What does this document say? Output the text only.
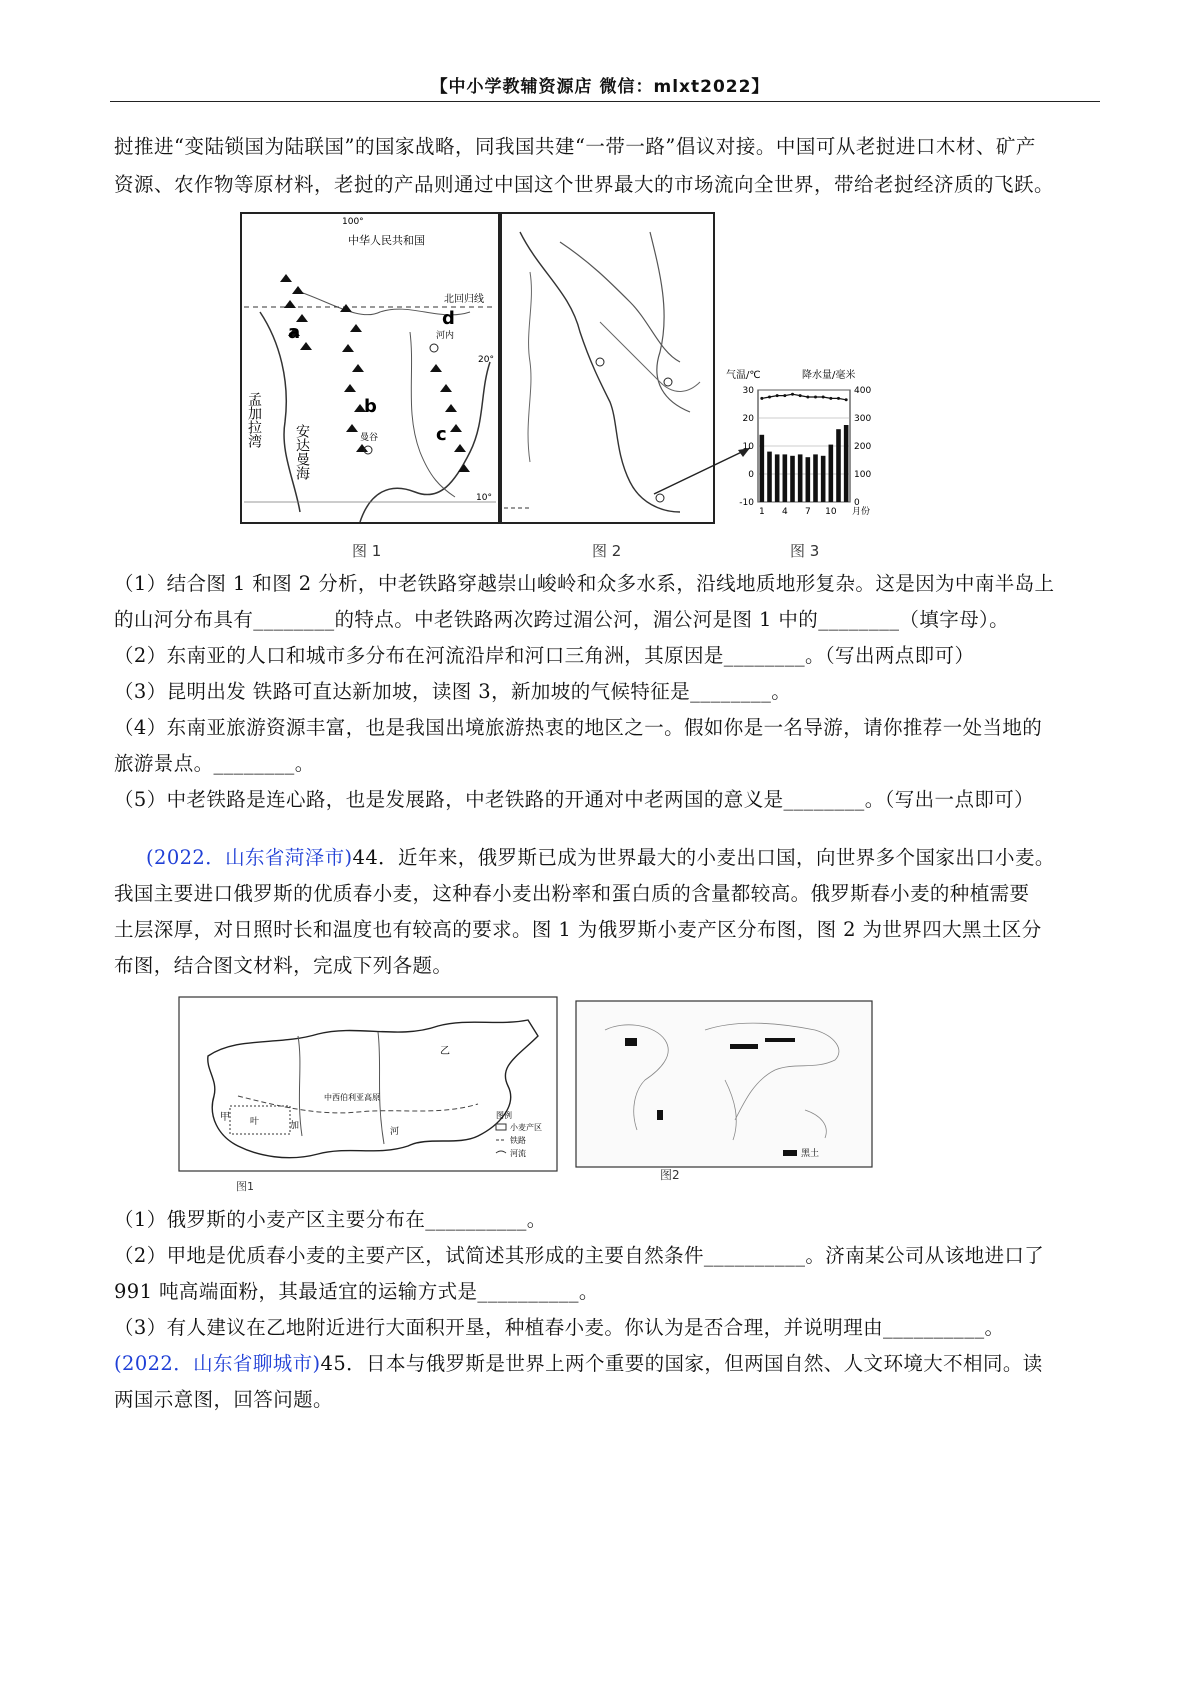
【中小学教辅资源店 微信：mlxt2022】
挝推进“变陆锁国为陆联国”的国家战略，同我国共建“一带一路”倡议对接。中国可从老挝进口木材、矿产
资源、农作物等原材料，老挝的产品则通过中国这个世界最大的市场流向全世界，带给老挝经济质的飞跃。
中华人民共和国
100°
北回归线
河内
20°
10°
曼谷
a
b
c
d
孟加拉湾
安达曼海
图 1	图 2
气温/℃	降水量/毫米
30
20
10
0
-10
400
300
200
100
0
1 4 7 10 月份
图 3
（1）结合图 1 和图 2 分析，中老铁路穿越崇山峻岭和众多水系，沿线地质地形复杂。这是因为中南半岛上
的山河分布具有________的特点。中老铁路两次跨过湄公河，湄公河是图 1 中的________（填字母）。
（2）东南亚的人口和城市多分布在河流沿岸和河口三角洲，其原因是________。（写出两点即可）
（3）昆明出发 铁路可直达新加坡，读图 3，新加坡的气候特征是________。
（4）东南亚旅游资源丰富，也是我国出境旅游热衷的地区之一。假如你是一名导游，请你推荐一处当地的
旅游景点。________。
（5）中老铁路是连心路，也是发展路，中老铁路的开通对中老两国的意义是________。（写出一点即可）
(2022．山东省菏泽市)44．近年来，俄罗斯已成为世界最大的小麦出口国，向世界多个国家出口小麦。
我国主要进口俄罗斯的优质春小麦，这种春小麦出粉率和蛋白质的含量都较高。俄罗斯春小麦的种植需要
土层深厚，对日照时长和温度也有较高的要求。图 1 为俄罗斯小麦产区分布图，图 2 为世界四大黑土区分
布图，结合图文材料，完成下列各题。
甲
乙
叶	加
河
中西伯利亚高原
图例
小麦产区
铁路
河流
图1
黑土
图2
（1）俄罗斯的小麦产区主要分布在__________。
（2）甲地是优质春小麦的主要产区，试简述其形成的主要自然条件__________。济南某公司从该地进口了
991 吨高端面粉，其最适宜的运输方式是__________。
（3）有人建议在乙地附近进行大面积开垦，种植春小麦。你认为是否合理，并说明理由__________。
(2022．山东省聊城市)45．日本与俄罗斯是世界上两个重要的国家，但两国自然、人文环境大不相同。读
两国示意图，回答问题。
